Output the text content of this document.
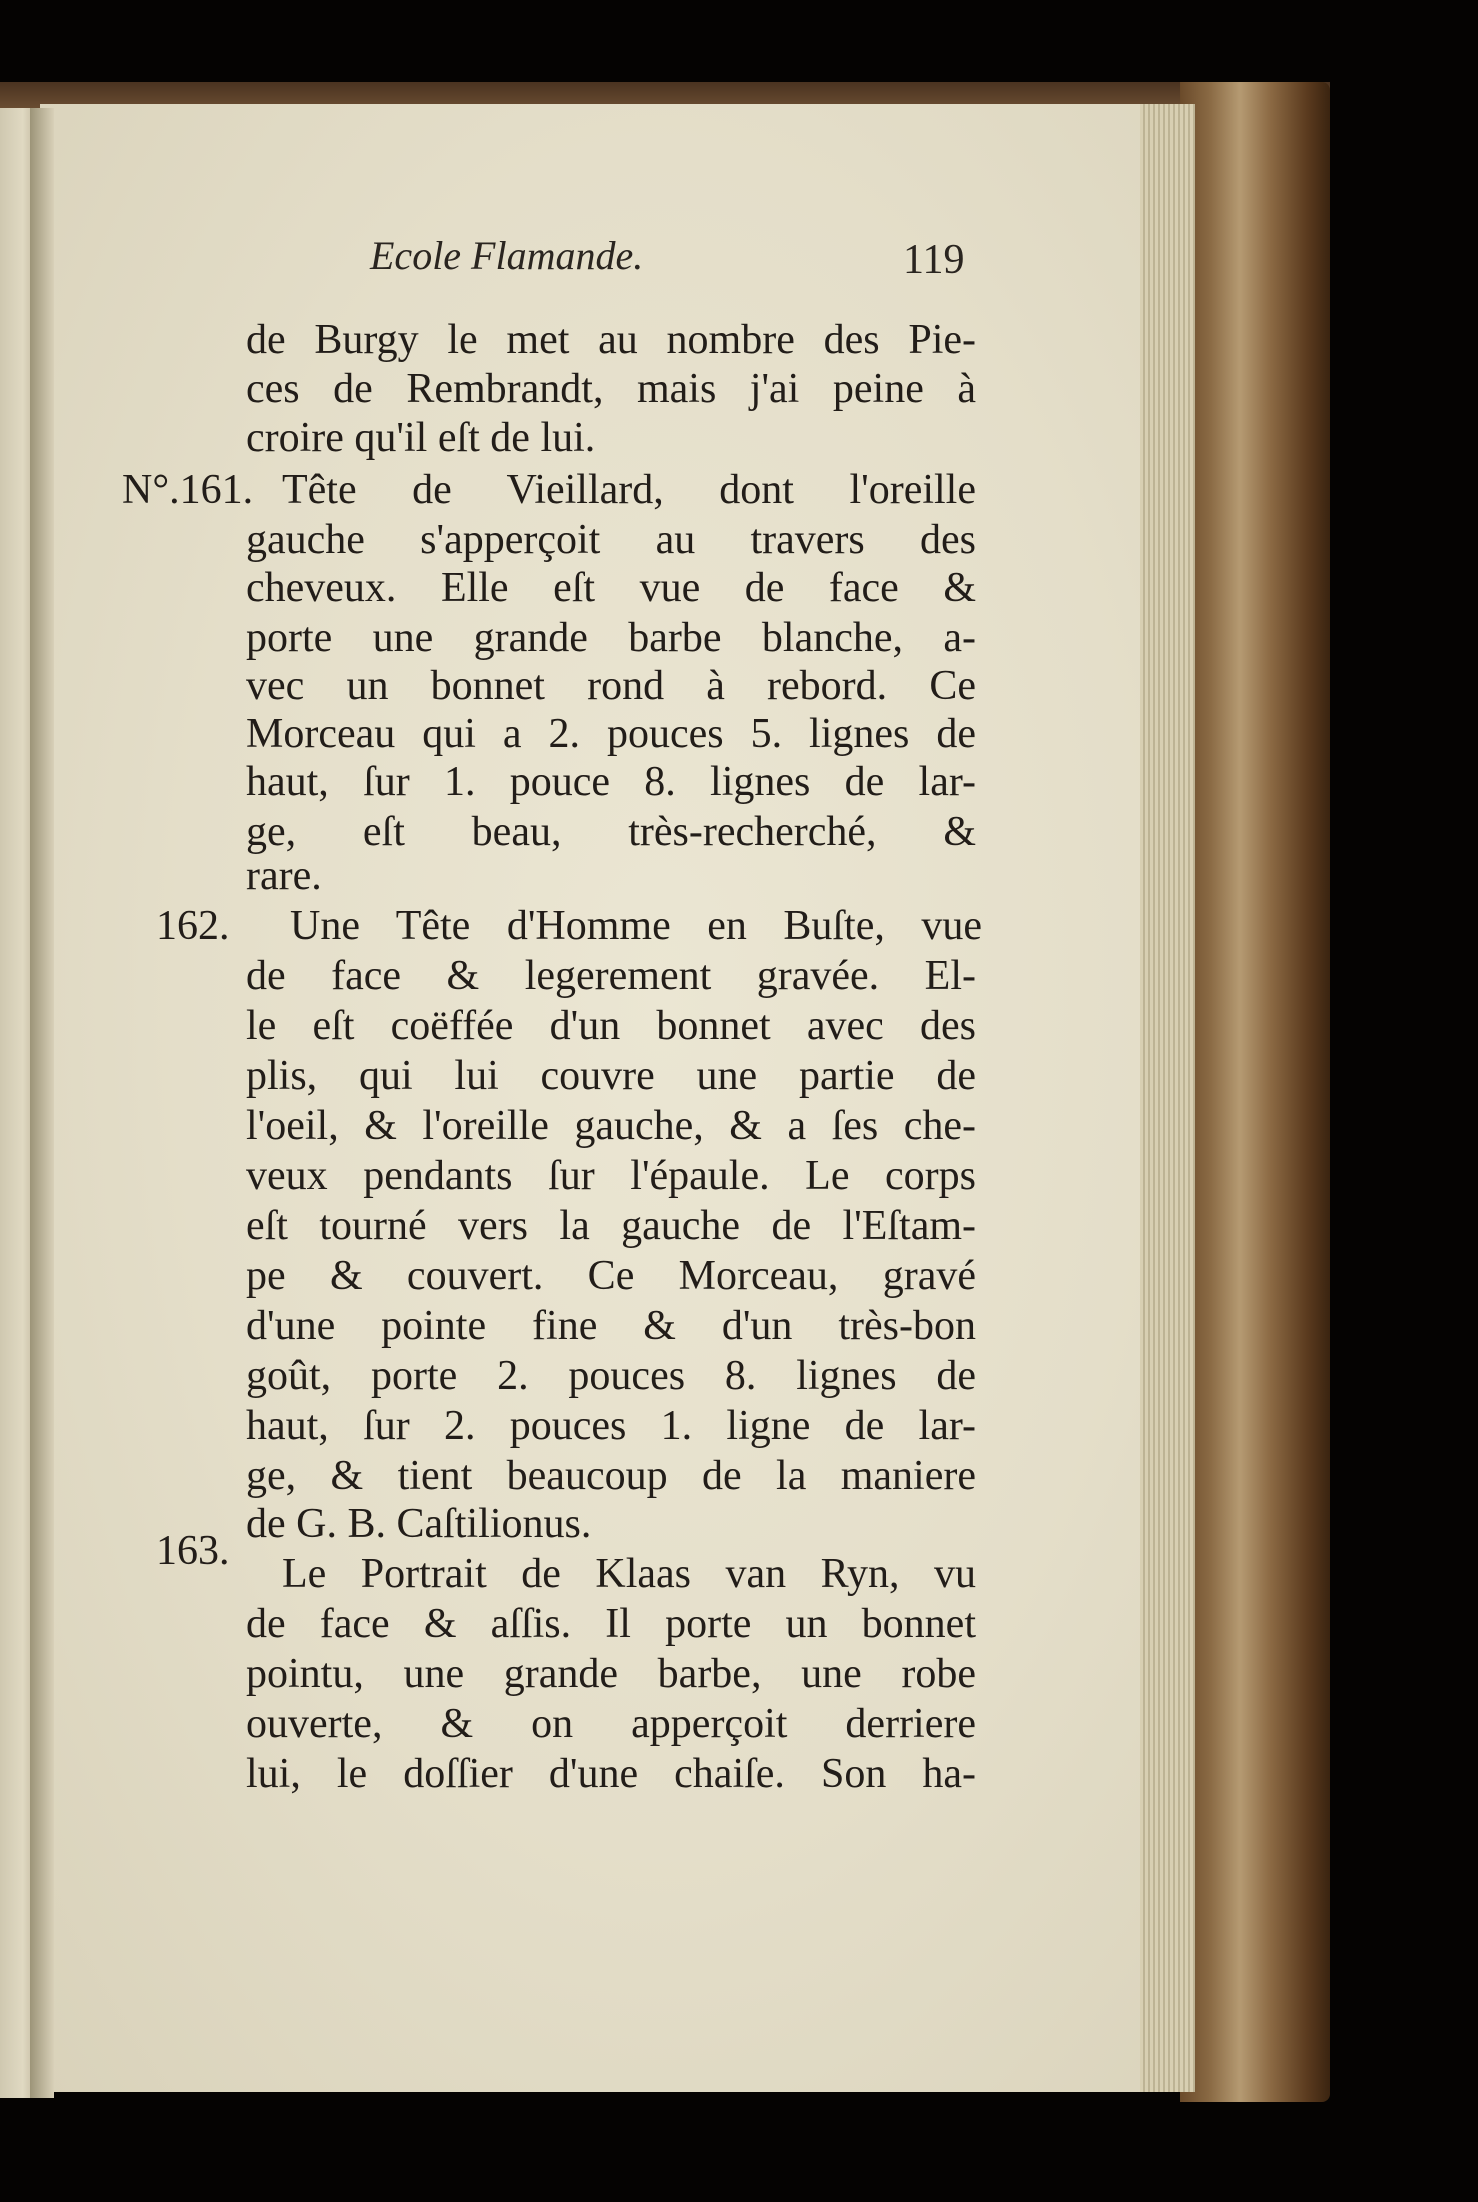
Ecole Flamande.	119
N°.161.
162.
163.
de Burgy le met au nombre des Pie-
ces de Rembrandt, mais j'ai peine à
croire qu'il eſt de lui.
Tête de Vieillard, dont l'oreille
gauche s'apperçoit au travers des
cheveux. Elle eſt vue de face &
porte une grande barbe blanche, a-
vec un bonnet rond à rebord. Ce
Morceau qui a 2. pouces 5. lignes de
haut, ſur 1. pouce 8. lignes de lar-
ge, eſt beau, très-recherché, &
rare.
Une Tête d'Homme en Buſte, vue
de face & legerement gravée. El-
le eſt coëffée d'un bonnet avec des
plis, qui lui couvre une partie de
l'oeil, & l'oreille gauche, & a ſes che-
veux pendants ſur l'épaule. Le corps
eſt tourné vers la gauche de l'Eſtam-
pe & couvert. Ce Morceau, gravé
d'une pointe fine & d'un très-bon
goût, porte 2. pouces 8. lignes de
haut, ſur 2. pouces 1. ligne de lar-
ge, & tient beaucoup de la maniere
de G. B. Caſtilionus.
Le Portrait de Klaas van Ryn, vu
de face & aſſis. Il porte un bonnet
pointu, une grande barbe, une robe
ouverte, & on apperçoit derriere
lui, le doſſier d'une chaiſe. Son ha-
